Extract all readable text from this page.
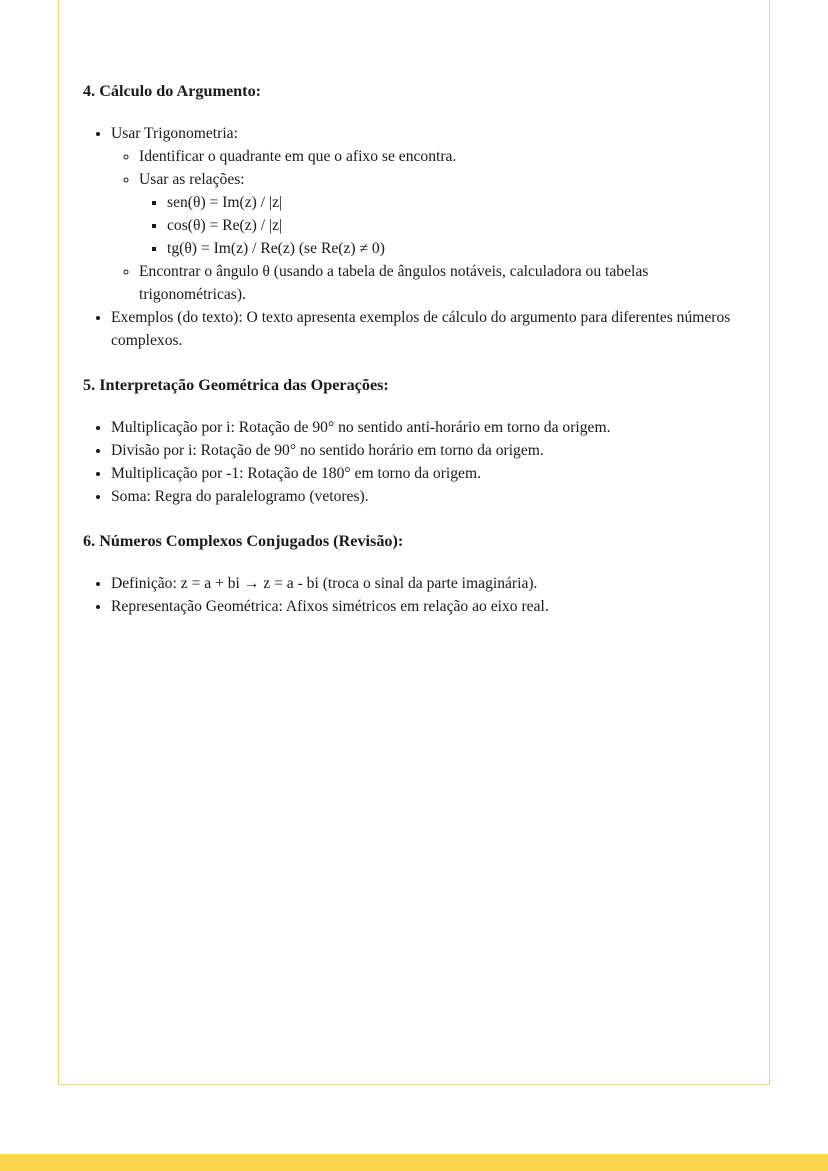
4. Cálculo do Argumento:
• Usar Trigonometria:
◦ Identificar o quadrante em que o afixo se encontra.
◦ Usar as relações:
▪ sen(θ) = Im(z) / |z|
▪ cos(θ) = Re(z) / |z|
▪ tg(θ) = Im(z) / Re(z) (se Re(z) ≠ 0)
◦ Encontrar o ângulo θ (usando a tabela de ângulos notáveis, calculadora ou tabelas trigonométricas).
• Exemplos (do texto): O texto apresenta exemplos de cálculo do argumento para diferentes números complexos.
5. Interpretação Geométrica das Operações:
• Multiplicação por i: Rotação de 90° no sentido anti-horário em torno da origem.
• Divisão por i: Rotação de 90° no sentido horário em torno da origem.
• Multiplicação por -1: Rotação de 180° em torno da origem.
• Soma: Regra do paralelogramo (vetores).
6. Números Complexos Conjugados (Revisão):
• Definição: z = a + bi → z = a - bi (troca o sinal da parte imaginária).
• Representação Geométrica: Afixos simétricos em relação ao eixo real.
